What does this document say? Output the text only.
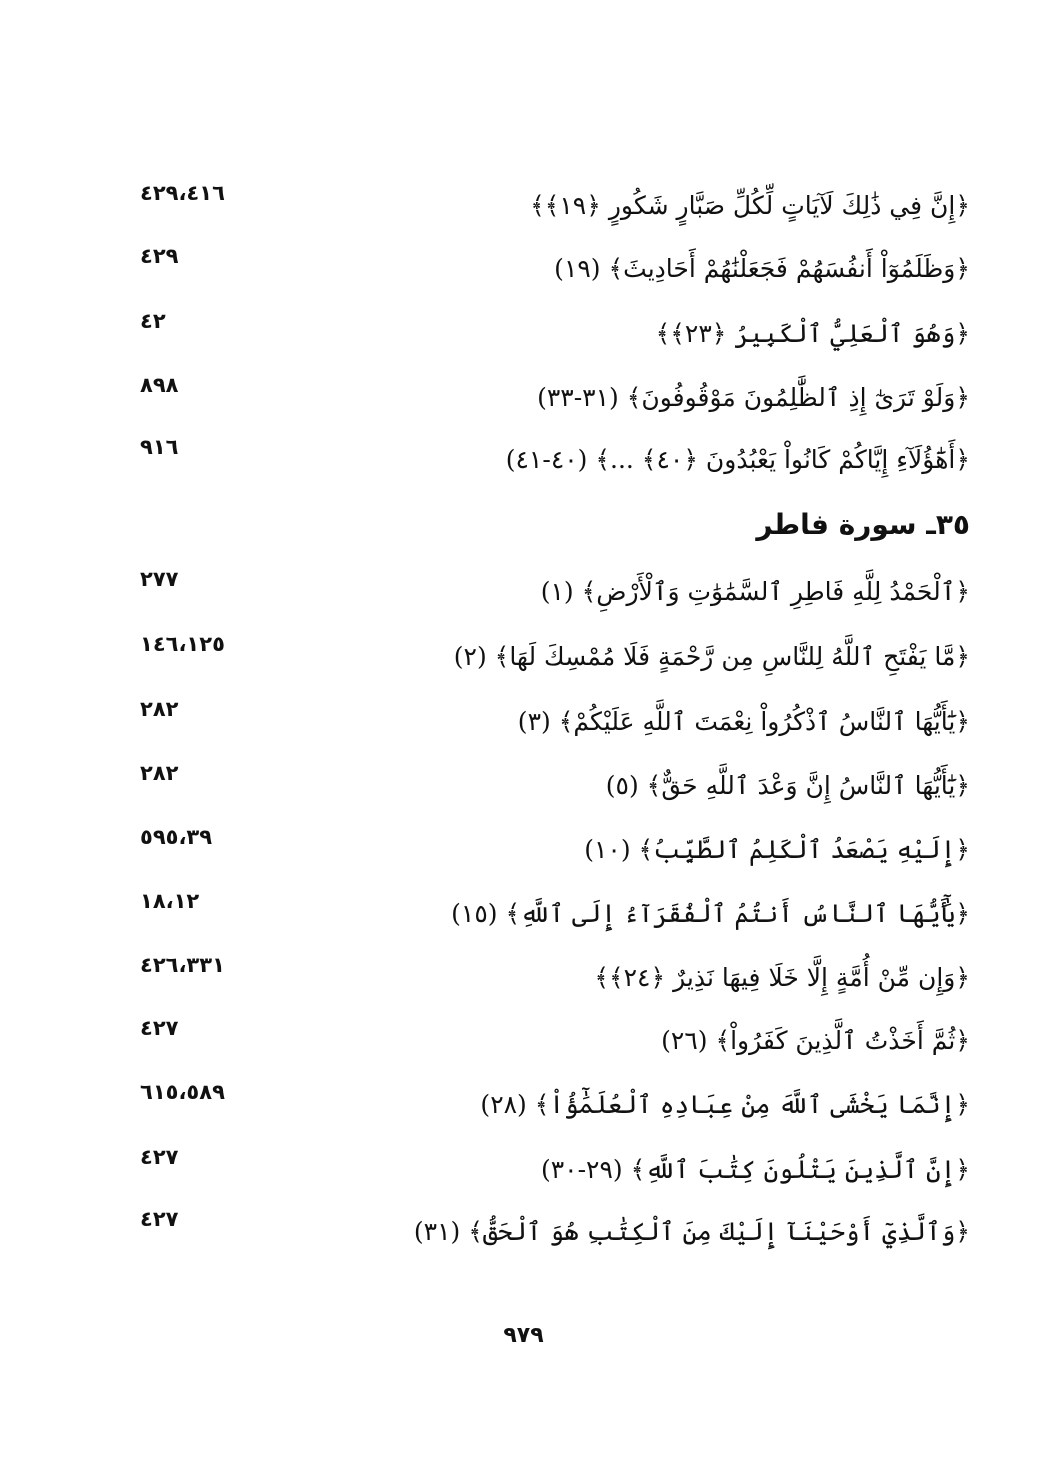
﴿إِنَّ فِي ذَٰلِكَ لَآيَاتٍ لِّكُلِّ صَبَّارٍ شَكُورٍ ﴿١٩﴾﴾
٤٢٩،٤١٦
﴿وَظَلَمُوٓاْ أَنفُسَهُمْ فَجَعَلْنَٰهُمْ أَحَادِيثَ﴾ (١٩)
٤٢٩
﴿وَهُوَ ٱلْعَلِيُّ ٱلْكَبِيرُ ﴿٢٣﴾﴾
٤٢
﴿وَلَوْ تَرَىٰٓ إِذِ ٱلظَّٰلِمُونَ مَوْقُوفُونَ﴾ (٣١-٣٣)
٨٩٨
﴿أَهَٰٓؤُلَآءِ إِيَّاكُمْ كَانُواْ يَعْبُدُونَ ﴿٤٠﴾ ...﴾ (٤٠-٤١)
٩١٦
٣٥ـ سورة فاطر
﴿ٱلْحَمْدُ لِلَّهِ فَاطِرِ ٱلسَّمَٰوَٰتِ وَٱلْأَرْضِ﴾ (١)
٢٧٧
﴿مَّا يَفْتَحِ ٱللَّهُ لِلنَّاسِ مِن رَّحْمَةٍ فَلَا مُمْسِكَ لَهَا﴾ (٢)
١٤٦،١٢٥
﴿يَٰٓأَيُّهَا ٱلنَّاسُ ٱذْكُرُواْ نِعْمَتَ ٱللَّهِ عَلَيْكُمْ﴾ (٣)
٢٨٢
﴿يَٰٓأَيُّهَا ٱلنَّاسُ إِنَّ وَعْدَ ٱللَّهِ حَقٌّ﴾ (٥)
٢٨٢
﴿إِلَيْهِ يَصْعَدُ ٱلْكَلِمُ ٱلطَّيِّبُ﴾ (١٠)
٥٩٥،٣٩
﴿يَٰٓأَيُّهَا ٱلنَّاسُ أَنتُمُ ٱلْفُقَرَآءُ إِلَى ٱللَّهِ﴾ (١٥)
١٨،١٢
﴿وَإِن مِّنْ أُمَّةٍ إِلَّا خَلَا فِيهَا نَذِيرٌ ﴿٢٤﴾﴾
٤٢٦،٣٣١
﴿ثُمَّ أَخَذْتُ ٱلَّذِينَ كَفَرُواْ﴾ (٢٦)
٤٢٧
﴿إِنَّمَا يَخْشَى ٱللَّهَ مِنْ عِبَادِهِ ٱلْعُلَمَٰٓؤُاْ﴾ (٢٨)
٦١٥،٥٨٩
﴿إِنَّ ٱلَّذِينَ يَتْلُونَ كِتَٰبَ ٱللَّهِ﴾ (٢٩-٣٠)
٤٢٧
﴿وَٱلَّذِيٓ أَوْحَيْنَآ إِلَيْكَ مِنَ ٱلْكِتَٰبِ هُوَ ٱلْحَقُّ﴾ (٣١)
٤٢٧
٩٧٩
